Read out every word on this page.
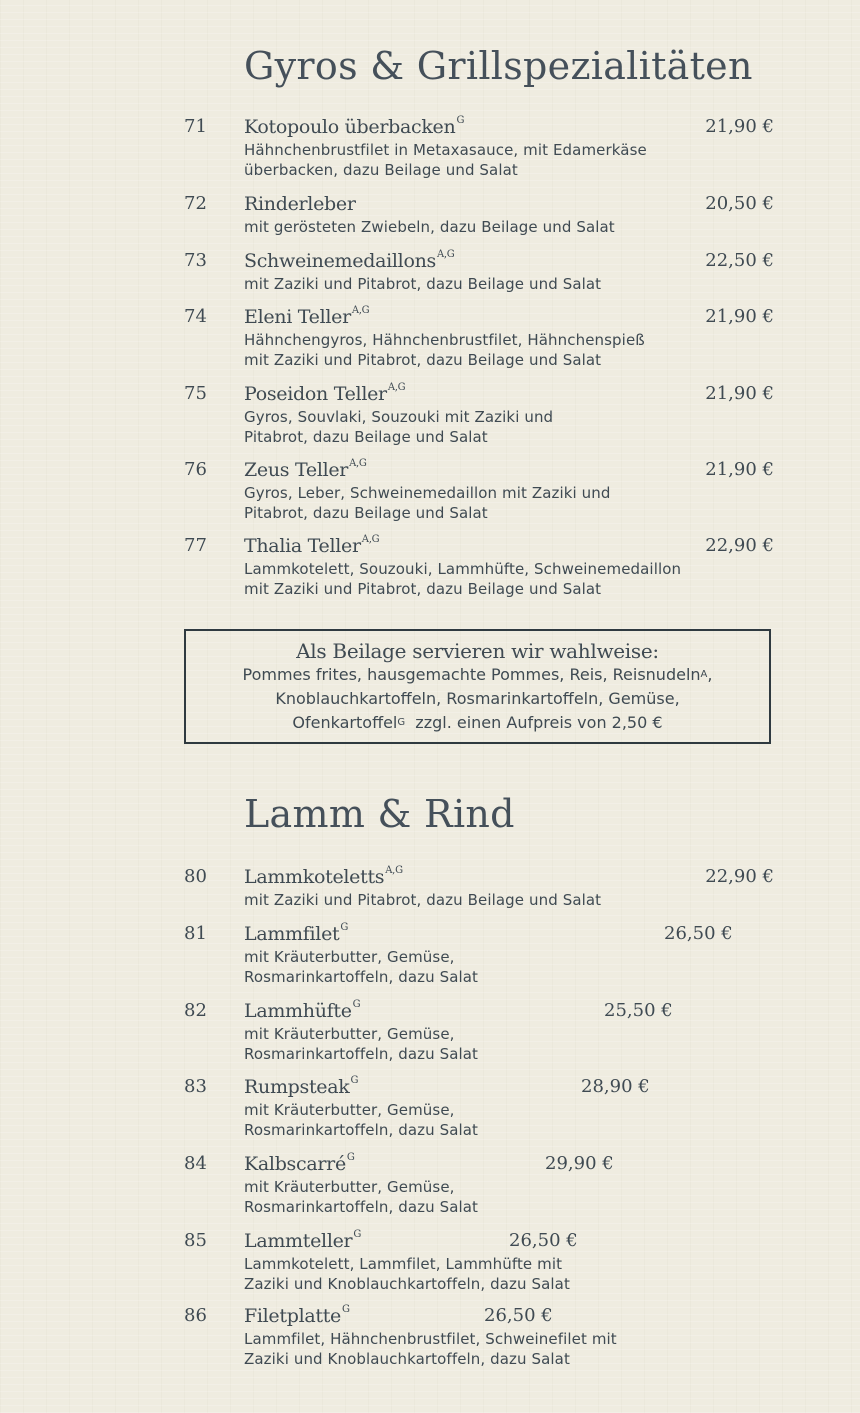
Gyros & Grillspezialitäten
71 Kotopoulo überbacken$^G$	21,90 €
Hähnchenbrustfilet in Metaxasauce, mit Edamerkäse
überbacken, dazu Beilage und Salat
72 Rinderleber	20,50 €
mit gerösteten Zwiebeln, dazu Beilage und Salat
73 Schweinemedaillons$^{A,G}$	22,50 €
mit Zaziki und Pitabrot, dazu Beilage und Salat
74 Eleni Teller$^{A,G}$	21,90 €
Hähnchengyros, Hähnchenbrustfilet, Hähnchenspieß
mit Zaziki und Pitabrot, dazu Beilage und Salat
75 Poseidon Teller$^{A,G}$	21,90 €
Gyros, Souvlaki, Souzouki mit Zaziki und
Pitabrot, dazu Beilage und Salat
76 Zeus Teller$^{A,G}$	21,90 €
Gyros, Leber, Schweinemedaillon mit Zaziki und
Pitabrot, dazu Beilage und Salat
77 Thalia Teller$^{A,G}$	22,90 €
Lammkotelett, Souzouki, Lammhüfte, Schweinemedaillon
mit Zaziki und Pitabrot, dazu Beilage und Salat
Als Beilage servieren wir wahlweise:
Pommes frites, hausgemachte Pommes, Reis, Reisnudeln$^A$,
Knoblauchkartoffeln, Rosmarinkartoffeln, Gemüse,
Ofenkartoffel$^G$  zzgl. einen Aufpreis von 2,50 €
Lamm & Rind
80 Lammkoteletts$^{A,G}$	22,90 €
mit Zaziki und Pitabrot, dazu Beilage und Salat
81 Lammfilet$^G$	26,50 €
mit Kräuterbutter, Gemüse,
Rosmarinkartoffeln, dazu Salat
82 Lammhüfte$^G$	25,50 €
mit Kräuterbutter, Gemüse,
Rosmarinkartoffeln, dazu Salat
83 Rumpsteak$^G$	28,90 €
mit Kräuterbutter, Gemüse,
Rosmarinkartoffeln, dazu Salat
84 Kalbscarré$^G$	29,90 €
mit Kräuterbutter, Gemüse,
Rosmarinkartoffeln, dazu Salat
85 Lammteller$^G$	26,50 €
Lammkotelett, Lammfilet, Lammhüfte mit
Zaziki und Knoblauchkartoffeln, dazu Salat
86 Filetplatte$^G$	26,50 €
Lammfilet, Hähnchenbrustfilet, Schweinefilet mit
Zaziki und Knoblauchkartoffeln, dazu Salat
